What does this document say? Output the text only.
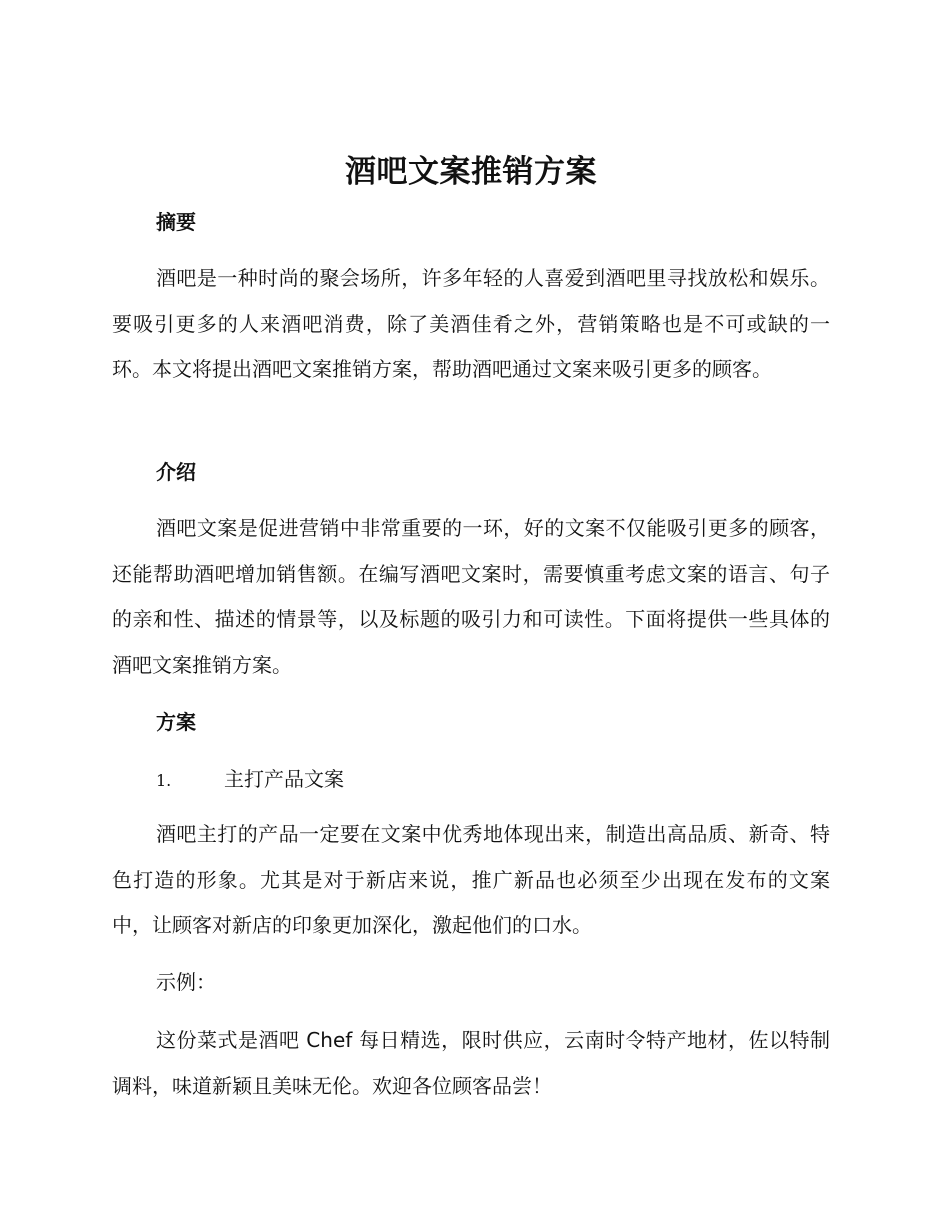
酒吧文案推销方案
摘要

酒吧是一种时尚的聚会场所，许多年轻的人喜爱到酒吧里寻找放松和娱乐。要吸引更多的人来酒吧消费，除了美酒佳肴之外，营销策略也是不可或缺的一环。本文将提出酒吧文案推销方案，帮助酒吧通过文案来吸引更多的顾客。

介绍

酒吧文案是促进营销中非常重要的一环，好的文案不仅能吸引更多的顾客，还能帮助酒吧增加销售额。在编写酒吧文案时，需要慎重考虑文案的语言、句子的亲和性、描述的情景等，以及标题的吸引力和可读性。下面将提供一些具体的酒吧文案推销方案。

方案
1.	主打产品文案

酒吧主打的产品一定要在文案中优秀地体现出来，制造出高品质、新奇、特色打造的形象。尤其是对于新店来说，推广新品也必须至少出现在发布的文案中，让顾客对新店的印象更加深化，激起他们的口水。

示例：

这份菜式是酒吧 Chef 每日精选，限时供应，云南时令特产地材，佐以特制调料，味道新颖且美味无伦。欢迎各位顾客品尝！
